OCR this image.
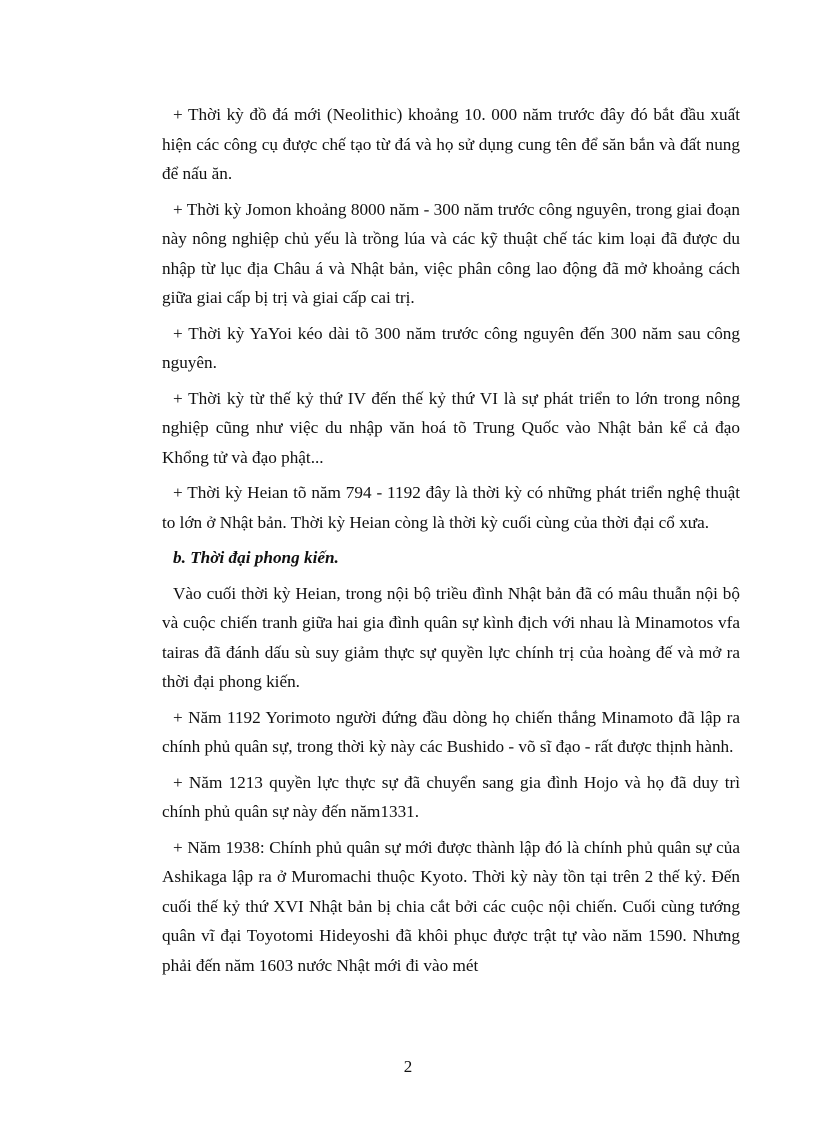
+ Thời kỳ đồ đá mới (Neolithic) khoảng 10. 000 năm trước đây đó bắt đầu xuất hiện các công cụ được chế tạo từ đá và họ sử dụng cung tên để săn bắn và đất nung để nấu ăn.

+ Thời kỳ Jomon khoảng 8000 năm - 300 năm trước công nguyên, trong giai đoạn này nông nghiệp chủ yếu là trồng lúa và các kỹ thuật chế tác kim loại đã được du nhập từ lục địa Châu á và Nhật bản, việc phân công lao động đã mở khoảng cách giữa giai cấp bị trị và giai cấp cai trị.

+ Thời kỳ YaYoi kéo dài tõ 300 năm trước công nguyên đến 300 năm sau công nguyên.

+ Thời kỳ từ thế kỷ thứ IV đến thế kỷ thứ VI là sự phát triển to lớn trong nông nghiệp cũng như việc du nhập văn hoá tõ Trung Quốc vào Nhật bản kể cả đạo Khổng tử và đạo phật...

+ Thời kỳ Heian tõ năm 794 - 1192 đây là thời kỳ có những phát triển nghệ thuật to lớn ở Nhật bản. Thời kỳ Heian còng là thời kỳ cuối cùng của thời đại cổ xưa.

b. Thời đại phong kiến.

Vào cuối thời kỳ Heian, trong nội bộ triều đình Nhật bản đã có mâu thuẫn nội bộ và cuộc chiến tranh giữa hai gia đình quân sự kình địch với nhau là Minamotos vfa tairas đã đánh dấu sù suy giảm thực sự quyền lực chính trị của hoàng đế và mở ra thời đại phong kiến.

+ Năm 1192 Yorimoto người đứng đầu dòng họ chiến thắng Minamoto đã lập ra chính phủ quân sự, trong thời kỳ này các Bushido - võ sĩ đạo - rất được thịnh hành.

+ Năm 1213 quyền lực thực sự đã chuyển sang gia đình Hojo và họ đã duy trì chính phủ quân sự này đến năm1331.

+ Năm 1938: Chính phủ quân sự mới được thành lập đó là chính phủ quân sự của Ashikaga lập ra ở Muromachi thuộc Kyoto. Thời kỳ này tồn tại trên 2 thế kỷ. Đến cuối thế kỷ thứ XVI Nhật bản bị chia cắt bởi các cuộc nội chiến. Cuối cùng tướng quân vĩ đại Toyotomi Hideyoshi đã khôi phục được trật tự vào năm 1590. Nhưng phải đến năm 1603 nước Nhật mới đi vào mét

2
